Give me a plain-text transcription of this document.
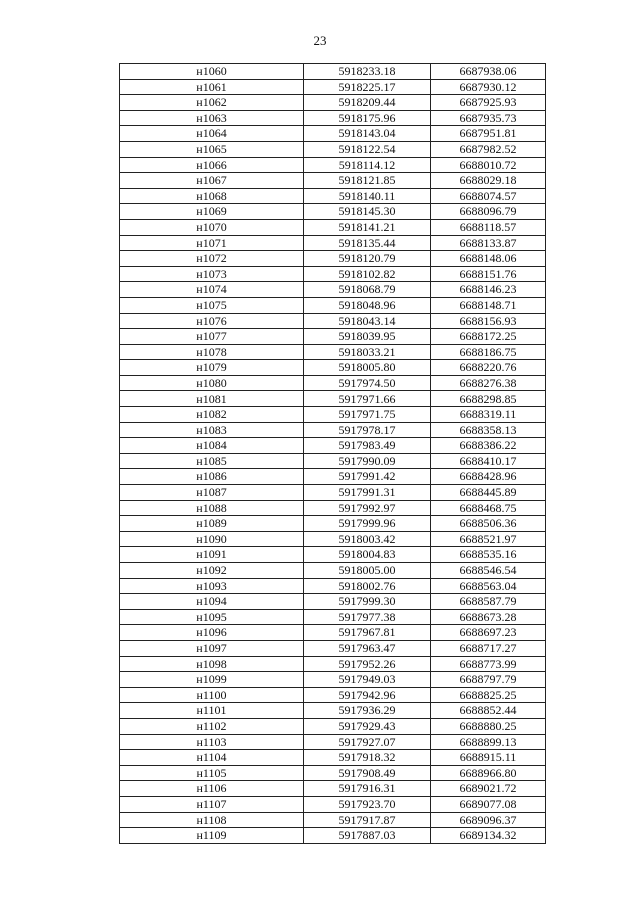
23
н1060	5918233.18	6687938.06
н1061	5918225.17	6687930.12
н1062	5918209.44	6687925.93
н1063	5918175.96	6687935.73
н1064	5918143.04	6687951.81
н1065	5918122.54	6687982.52
н1066	5918114.12	6688010.72
н1067	5918121.85	6688029.18
н1068	5918140.11	6688074.57
н1069	5918145.30	6688096.79
н1070	5918141.21	6688118.57
н1071	5918135.44	6688133.87
н1072	5918120.79	6688148.06
н1073	5918102.82	6688151.76
н1074	5918068.79	6688146.23
н1075	5918048.96	6688148.71
н1076	5918043.14	6688156.93
н1077	5918039.95	6688172.25
н1078	5918033.21	6688186.75
н1079	5918005.80	6688220.76
н1080	5917974.50	6688276.38
н1081	5917971.66	6688298.85
н1082	5917971.75	6688319.11
н1083	5917978.17	6688358.13
н1084	5917983.49	6688386.22
н1085	5917990.09	6688410.17
н1086	5917991.42	6688428.96
н1087	5917991.31	6688445.89
н1088	5917992.97	6688468.75
н1089	5917999.96	6688506.36
н1090	5918003.42	6688521.97
н1091	5918004.83	6688535.16
н1092	5918005.00	6688546.54
н1093	5918002.76	6688563.04
н1094	5917999.30	6688587.79
н1095	5917977.38	6688673.28
н1096	5917967.81	6688697.23
н1097	5917963.47	6688717.27
н1098	5917952.26	6688773.99
н1099	5917949.03	6688797.79
н1100	5917942.96	6688825.25
н1101	5917936.29	6688852.44
н1102	5917929.43	6688880.25
н1103	5917927.07	6688899.13
н1104	5917918.32	6688915.11
н1105	5917908.49	6688966.80
н1106	5917916.31	6689021.72
н1107	5917923.70	6689077.08
н1108	5917917.87	6689096.37
н1109	5917887.03	6689134.32
